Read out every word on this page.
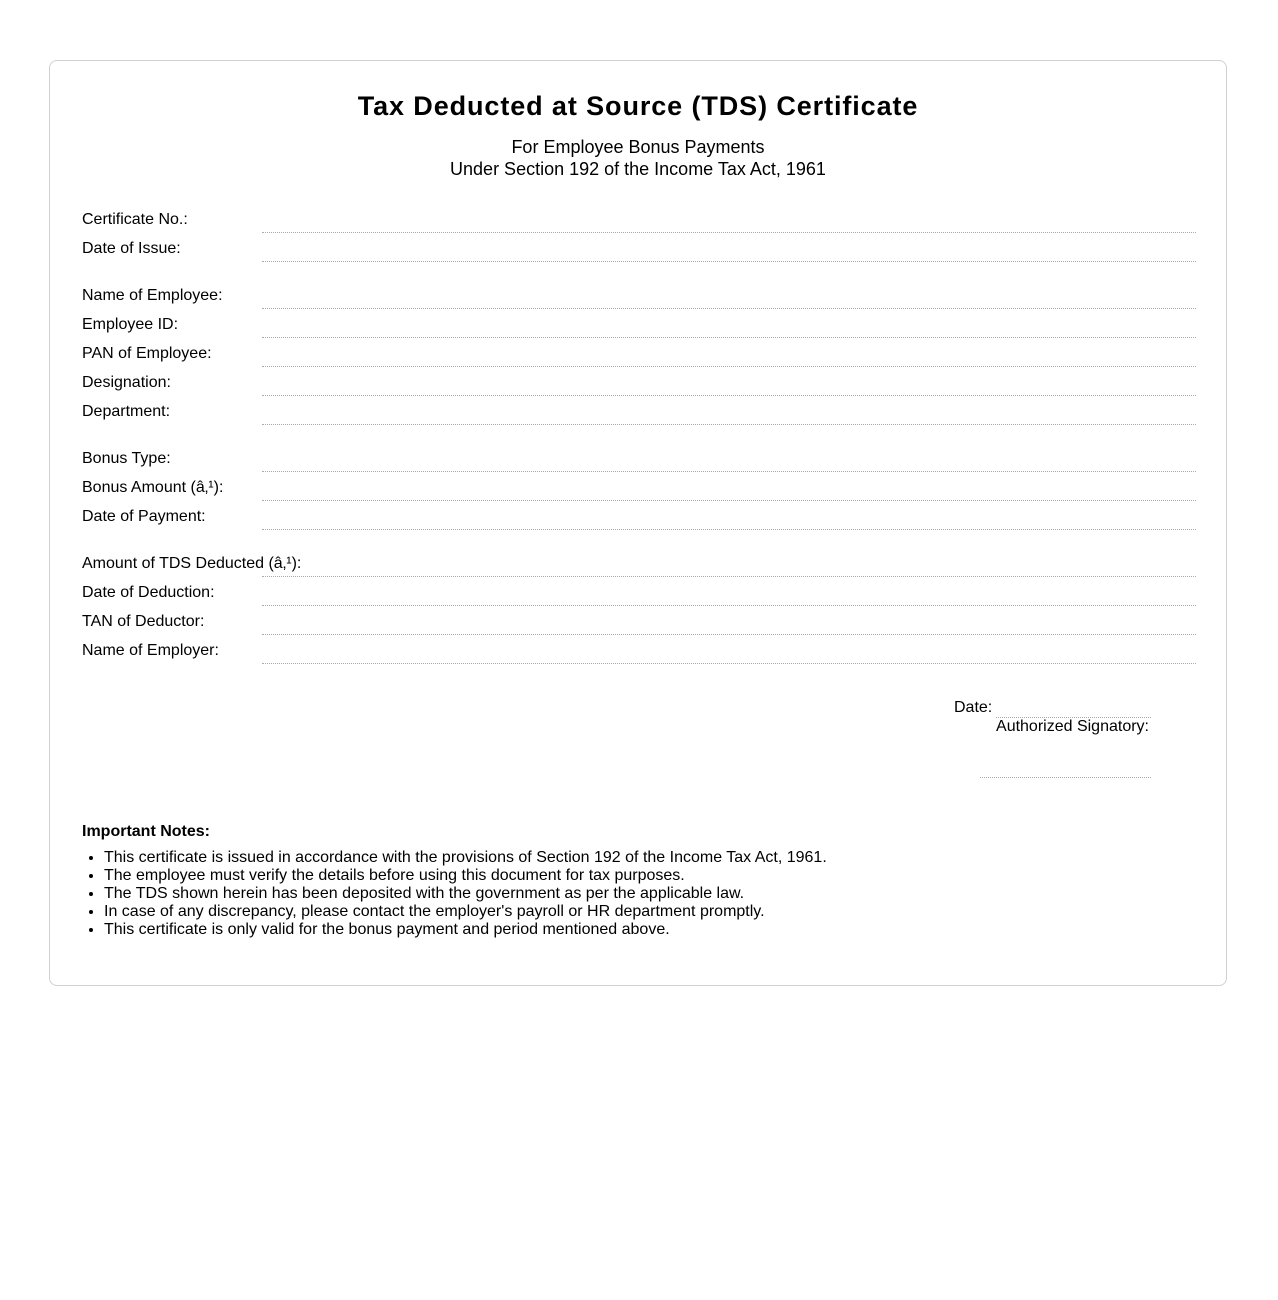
Tax Deducted at Source (TDS) Certificate
For Employee Bonus Payments
Under Section 192 of the Income Tax Act, 1961
Certificate No.:
Date of Issue:
Name of Employee:
Employee ID:
PAN of Employee:
Designation:
Department:
Bonus Type:
Bonus Amount (â‚¹):
Date of Payment:
Amount of TDS Deducted (â‚¹):
Date of Deduction:
TAN of Deductor:
Name of Employer:
Date:
Authorized Signatory:
Important Notes:
• This certificate is issued in accordance with the provisions of Section 192 of the Income Tax Act, 1961.
• The employee must verify the details before using this document for tax purposes.
• The TDS shown herein has been deposited with the government as per the applicable law.
• In case of any discrepancy, please contact the employer's payroll or HR department promptly.
• This certificate is only valid for the bonus payment and period mentioned above.
